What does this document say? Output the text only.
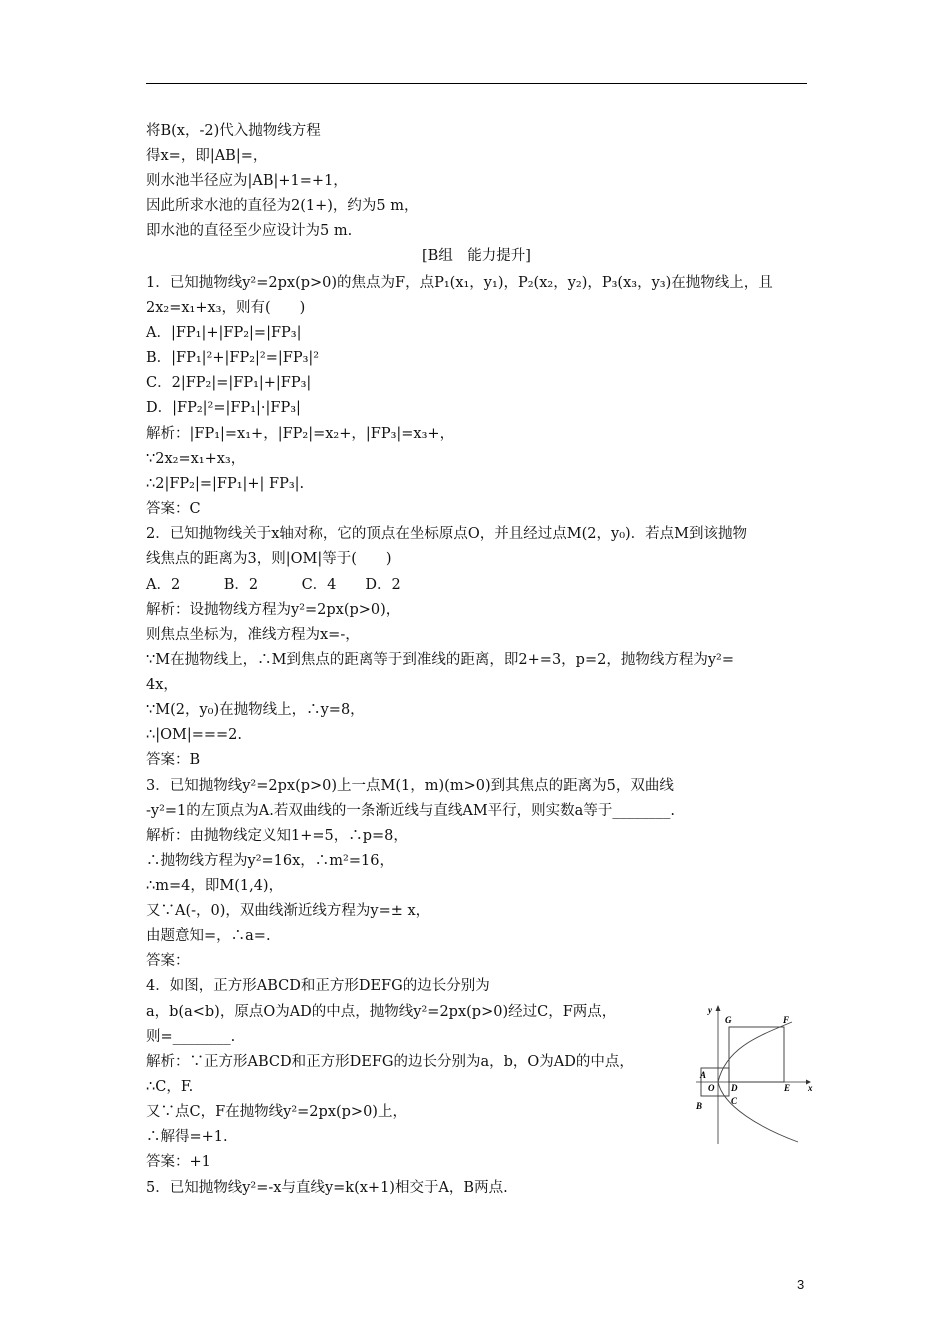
将B(x，-2)代入抛物线方程
得x=，即|AB|=，
则水池半径应为|AB|+1=+1，
因此所求水池的直径为2(1+)，约为5 m，
即水池的直径至少应设计为5 m.
[B组　能力提升]
1．已知抛物线y²=2px(p>0)的焦点为F，点P₁(x₁，y₁)，P₂(x₂，y₂)，P₃(x₃，y₃)在抛物线上，且
2x₂=x₁+x₃，则有(　　)
A．|FP₁|+|FP₂|=|FP₃|
B．|FP₁|²+|FP₂|²=|FP₃|²
C．2|FP₂|=|FP₁|+|FP₃|
D．|FP₂|²=|FP₁|·|FP₃|
解析：|FP₁|=x₁+，|FP₂|=x₂+，|FP₃|=x₃+，
∵2x₂=x₁+x₃，
∴2|FP₂|=|FP₁|+| FP₃|.
答案：C
2．已知抛物线关于x轴对称，它的顶点在坐标原点O，并且经过点M(2，y₀)．若点M到该抛物
线焦点的距离为3，则|OM|等于(　　)
A．2　　　B．2　　　C．4　　D．2
解析：设抛物线方程为y²=2px(p>0)，
则焦点坐标为，准线方程为x=-，
∵M在抛物线上，∴M到焦点的距离等于到准线的距离，即2+=3，p=2，抛物线方程为y²=
4x，
∵M(2，y₀)在抛物线上，∴y=8，
∴|OM|===2.
答案：B
3．已知抛物线y²=2px(p>0)上一点M(1，m)(m>0)到其焦点的距离为5，双曲线
-y²=1的左顶点为A.若双曲线的一条渐近线与直线AM平行，则实数a等于________.
解析：由抛物线定义知1+=5，∴p=8，
∴抛物线方程为y²=16x，∴m²=16，
∴m=4，即M(1,4)，
又∵A(-，0)，双曲线渐近线方程为y=± x，
由题意知=，∴a=.
答案：
4．如图，正方形ABCD和正方形DEFG的边长分别为
a，b(a<b)，原点O为AD的中点，抛物线y²=2px(p>0)经过C，F两点，
则=________.
解析：∵正方形ABCD和正方形DEFG的边长分别为a，b，O为AD的中点，
∴C，F.
又∵点C，F在抛物线y²=2px(p>0)上，
∴解得=+1.
答案：+1
5．已知抛物线y²=-x与直线y=k(x+1)相交于A，B两点.
y
x
G	F
A
O D	E
B	C
3
